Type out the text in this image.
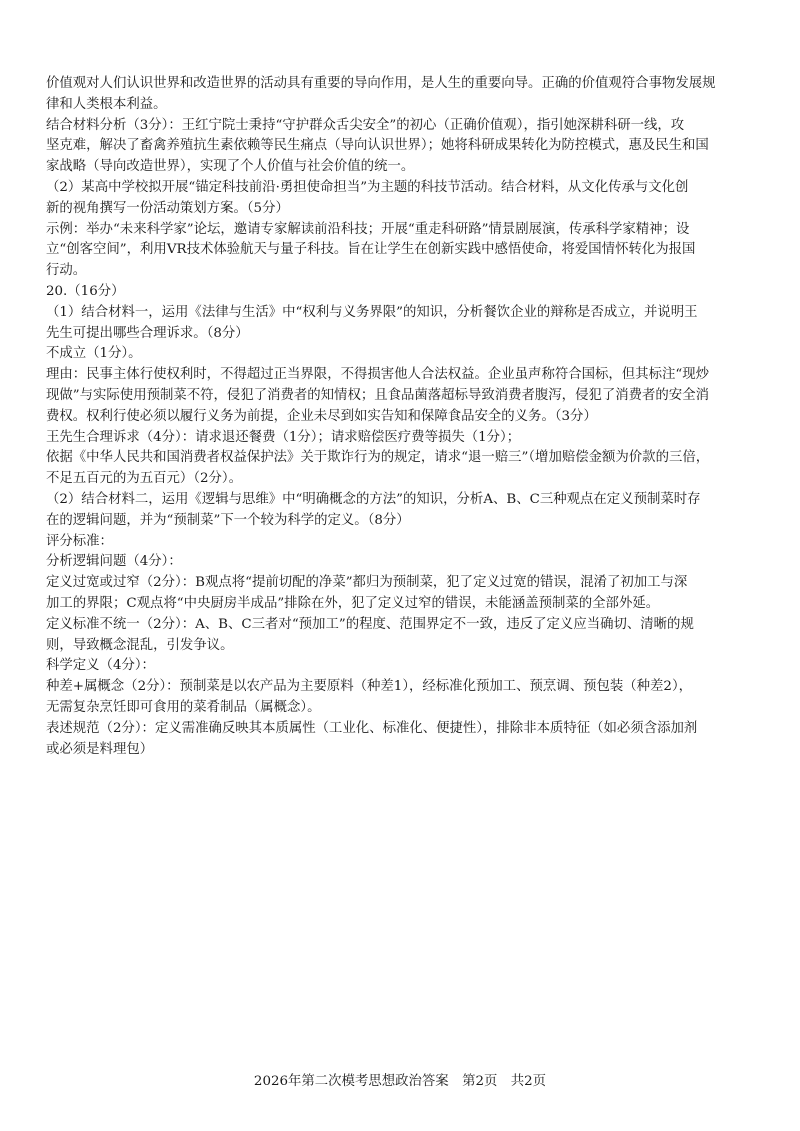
价值观对人们认识世界和改造世界的活动具有重要的导向作用，是人生的重要向导。正确的价值观符合事物发展规
律和人类根本利益。
结合材料分析（3分）：王红宁院士秉持“守护群众舌尖安全”的初心（正确价值观），指引她深耕科研一线，攻
坚克难，解决了畜禽养殖抗生素依赖等民生痛点（导向认识世界）；她将科研成果转化为防控模式，惠及民生和国
家战略（导向改造世界），实现了个人价值与社会价值的统一。
（2）某高中学校拟开展“锚定科技前沿·勇担使命担当”为主题的科技节活动。结合材料，从文化传承与文化创
新的视角撰写一份活动策划方案。（5分）
示例：举办“未来科学家”论坛，邀请专家解读前沿科技；开展“重走科研路”情景剧展演，传承科学家精神；设
立“创客空间”，利用VR技术体验航天与量子科技。旨在让学生在创新实践中感悟使命，将爱国情怀转化为报国
行动。
20.（16分）
（1）结合材料一，运用《法律与生活》中“权利与义务界限”的知识，分析餐饮企业的辩称是否成立，并说明王
先生可提出哪些合理诉求。（8分）
不成立（1分）。
理由：民事主体行使权利时，不得超过正当界限，不得损害他人合法权益。企业虽声称符合国标，但其标注“现炒
现做”与实际使用预制菜不符，侵犯了消费者的知情权；且食品菌落超标导致消费者腹泻，侵犯了消费者的安全消
费权。权利行使必须以履行义务为前提，企业未尽到如实告知和保障食品安全的义务。（3分）
王先生合理诉求（4分）：请求退还餐费（1分）；请求赔偿医疗费等损失（1分）；
依据《中华人民共和国消费者权益保护法》关于欺诈行为的规定，请求“退一赔三”（增加赔偿金额为价款的三倍，
不足五百元的为五百元）（2分）。
（2）结合材料二，运用《逻辑与思维》中“明确概念的方法”的知识，分析A、B、C三种观点在定义预制菜时存
在的逻辑问题，并为“预制菜”下一个较为科学的定义。（8分）
评分标准：
分析逻辑问题（4分）：
定义过宽或过窄（2分）：B观点将“提前切配的净菜”都归为预制菜，犯了定义过宽的错误，混淆了初加工与深
加工的界限；C观点将“中央厨房半成品”排除在外，犯了定义过窄的错误，未能涵盖预制菜的全部外延。
定义标准不统一（2分）：A、B、C三者对“预加工”的程度、范围界定不一致，违反了定义应当确切、清晰的规
则，导致概念混乱，引发争议。
科学定义（4分）：
种差+属概念（2分）：预制菜是以农产品为主要原料（种差1），经标准化预加工、预烹调、预包装（种差2），
无需复杂烹饪即可食用的菜肴制品（属概念）。
表述规范（2分）：定义需准确反映其本质属性（工业化、标准化、便捷性），排除非本质特征（如必须含添加剂
或必须是料理包）
2026年第二次模考思想政治答案　第2页　共2页
